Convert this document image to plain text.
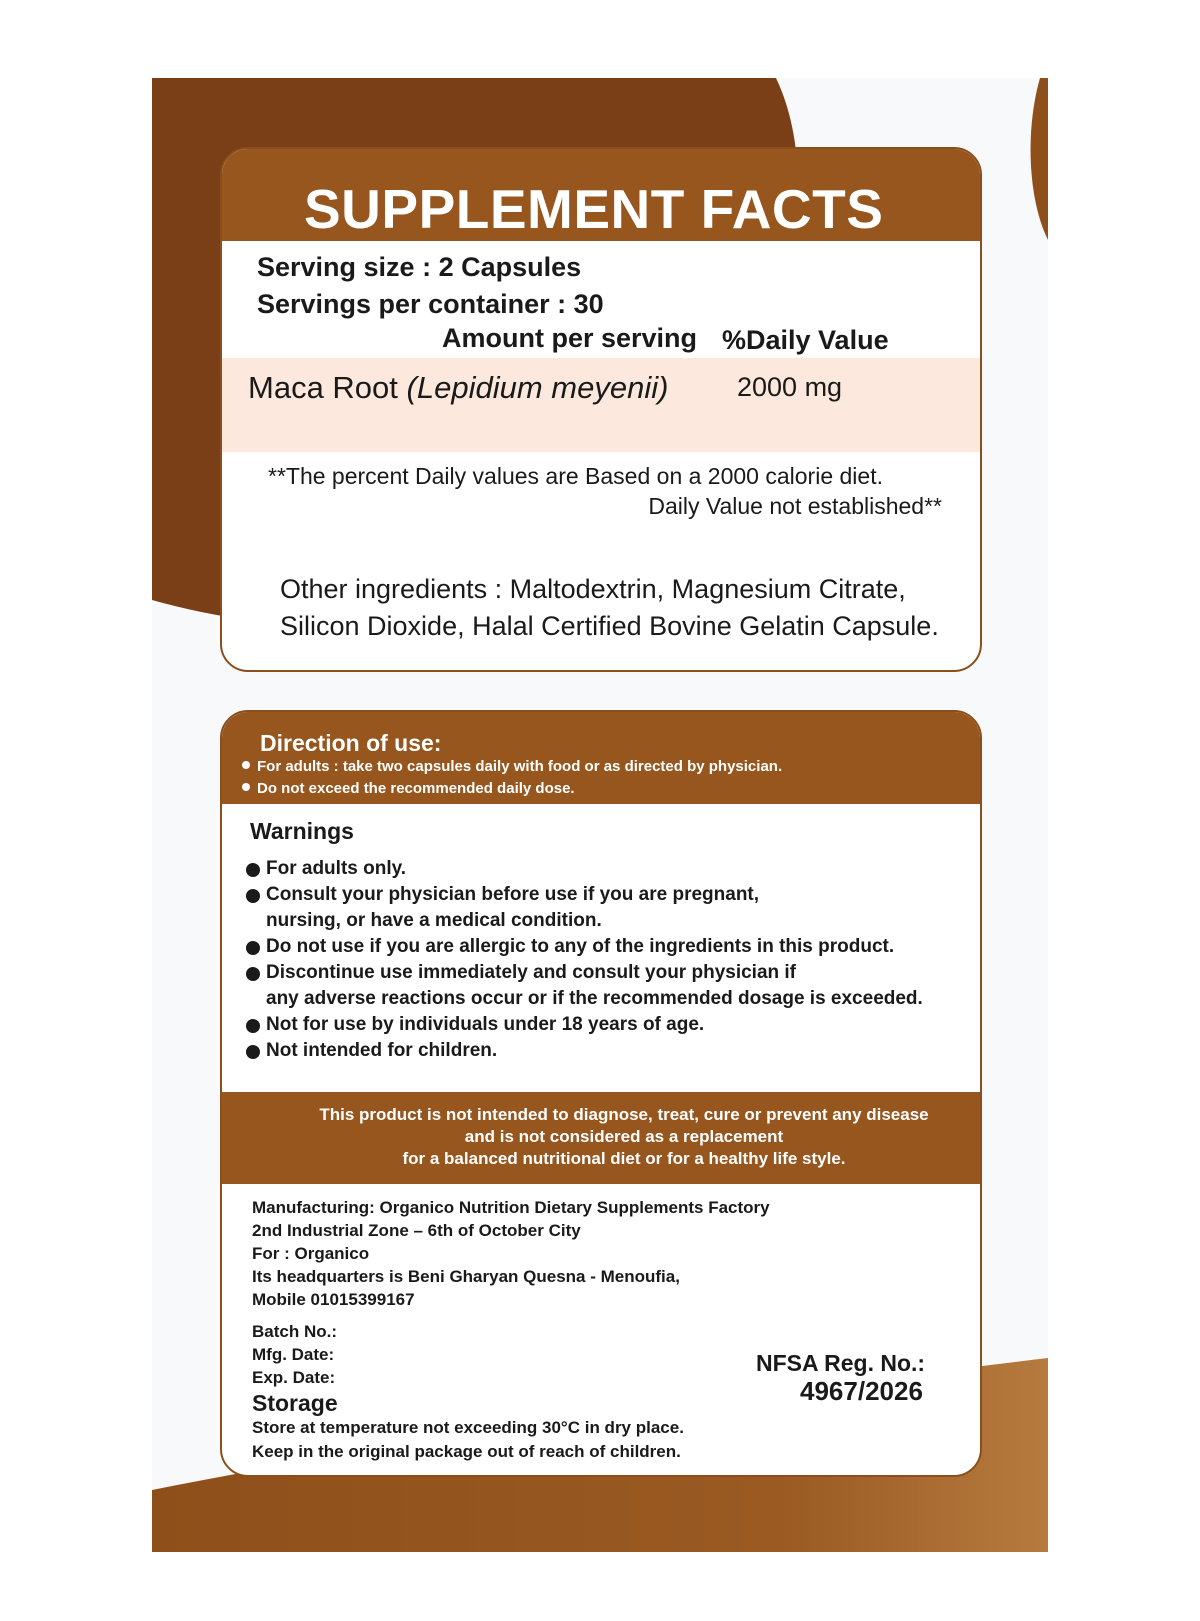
SUPPLEMENT FACTS
Serving size : 2 Capsules
Servings per container : 30
Amount per serving %Daily Value
Maca Root (Lepidium meyenii)	2000 mg
**The percent Daily values are Based on a 2000 calorie diet.
Daily Value not established**
Other ingredients : Maltodextrin, Magnesium Citrate,
Silicon Dioxide, Halal Certified Bovine Gelatin Capsule.
Direction of use:
For adults : take two capsules daily with food or as directed by physician.
Do not exceed the recommended daily dose.
Warnings
For adults only.
Consult your physician before use if you are pregnant,
nursing, or have a medical condition.
Do not use if you are allergic to any of the ingredients in this product.
Discontinue use immediately and consult your physician if
any adverse reactions occur or if the recommended dosage is exceeded.
Not for use by individuals under 18 years of age.
Not intended for children.
This product is not intended to diagnose, treat, cure or prevent any disease
and is not considered as a replacement
for a balanced nutritional diet or for a healthy life style.
Manufacturing: Organico Nutrition Dietary Supplements Factory
2nd Industrial Zone – 6th of October City
For : Organico
Its headquarters is Beni Gharyan Quesna - Menoufia,
Mobile 01015399167
Batch No.:
Mfg. Date:
Exp. Date:
NFSA Reg. No.:
4967/2026
Storage
Store at temperature not exceeding 30°C in dry place.
Keep in the original package out of reach of children.
